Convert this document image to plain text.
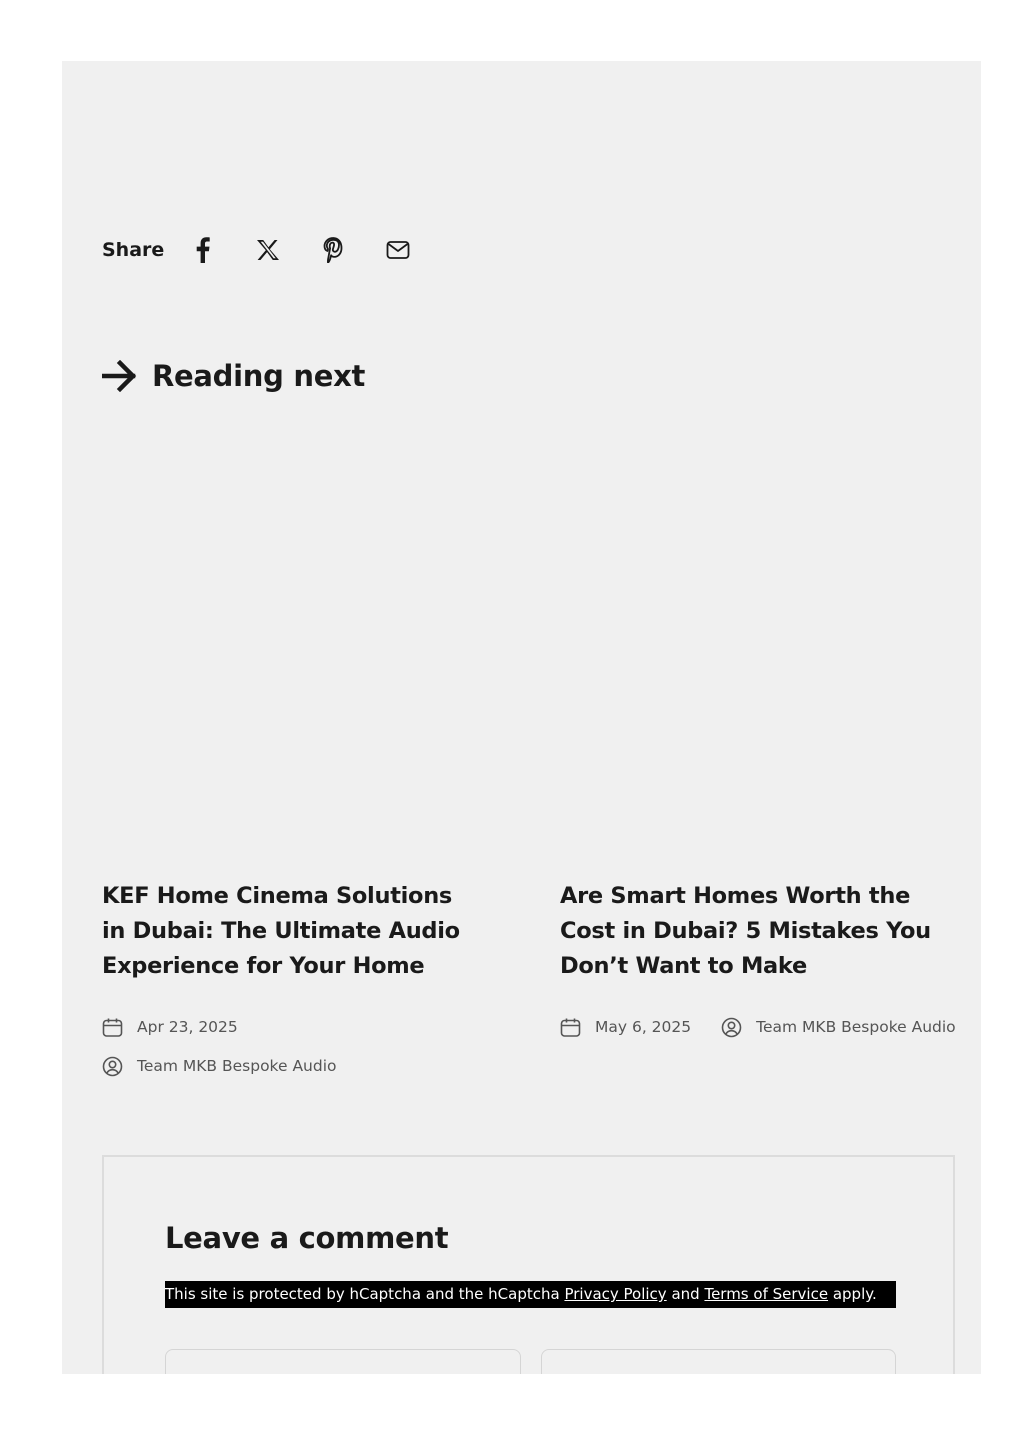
Share
Reading next
KEF Home Cinema Solutions in Dubai: The Ultimate Audio Experience for Your Home
Apr 23, 2025
Team MKB Bespoke Audio
Are Smart Homes Worth the Cost in Dubai? 5 Mistakes You Don’t Want to Make
May 6, 2025	Team MKB Bespoke Audio
Leave a comment
This site is protected by hCaptcha and the hCaptcha Privacy Policy and Terms of Service apply.
